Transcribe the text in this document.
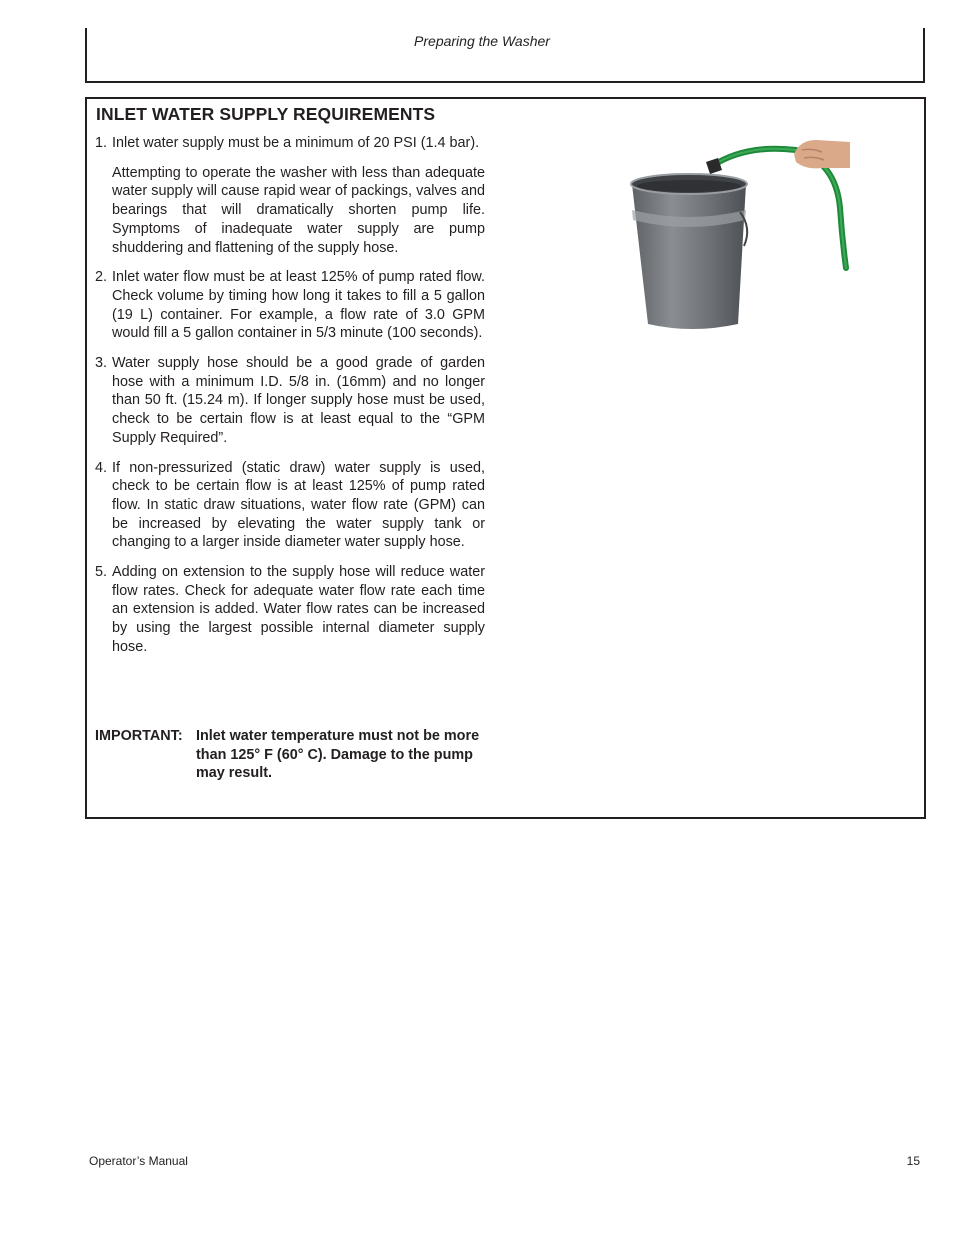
Preparing the Washer
INLET WATER SUPPLY REQUIREMENTS
1. Inlet water supply must be a minimum of 20 PSI (1.4 bar).

Attempting to operate the washer with less than adequate water supply will cause rapid wear of packings, valves and bearings that will dramatically shorten pump life. Symptoms of inadequate water supply are pump shuddering and flattening of the supply hose.

2. Inlet water flow must be at least 125% of pump rated flow. Check volume by timing how long it takes to fill a 5 gallon (19 L) container. For example, a flow rate of 3.0 GPM would fill a 5 gallon container in 5/3 minute (100 seconds).

3. Water supply hose should be a good grade of garden hose with a minimum I.D. 5/8 in. (16mm) and no longer than 50 ft. (15.24 m). If longer supply hose must be used, check to be certain flow is at least equal to the “GPM Supply Required”.

4. If non-pressurized (static draw) water supply is used, check to be certain flow is at least 125% of pump rated flow. In static draw situations, water flow rate (GPM) can be increased by elevating the water supply tank or changing to a larger inside diameter water supply hose.

5. Adding on extension to the supply hose will reduce water flow rates. Check for adequate water flow rate each time an extension is added. Water flow rates can be increased by using the largest possible internal diameter supply hose.

IMPORTANT: Inlet water temperature must not be more than 125° F (60° C). Damage to the pump may result.
Operator’s Manual	15
